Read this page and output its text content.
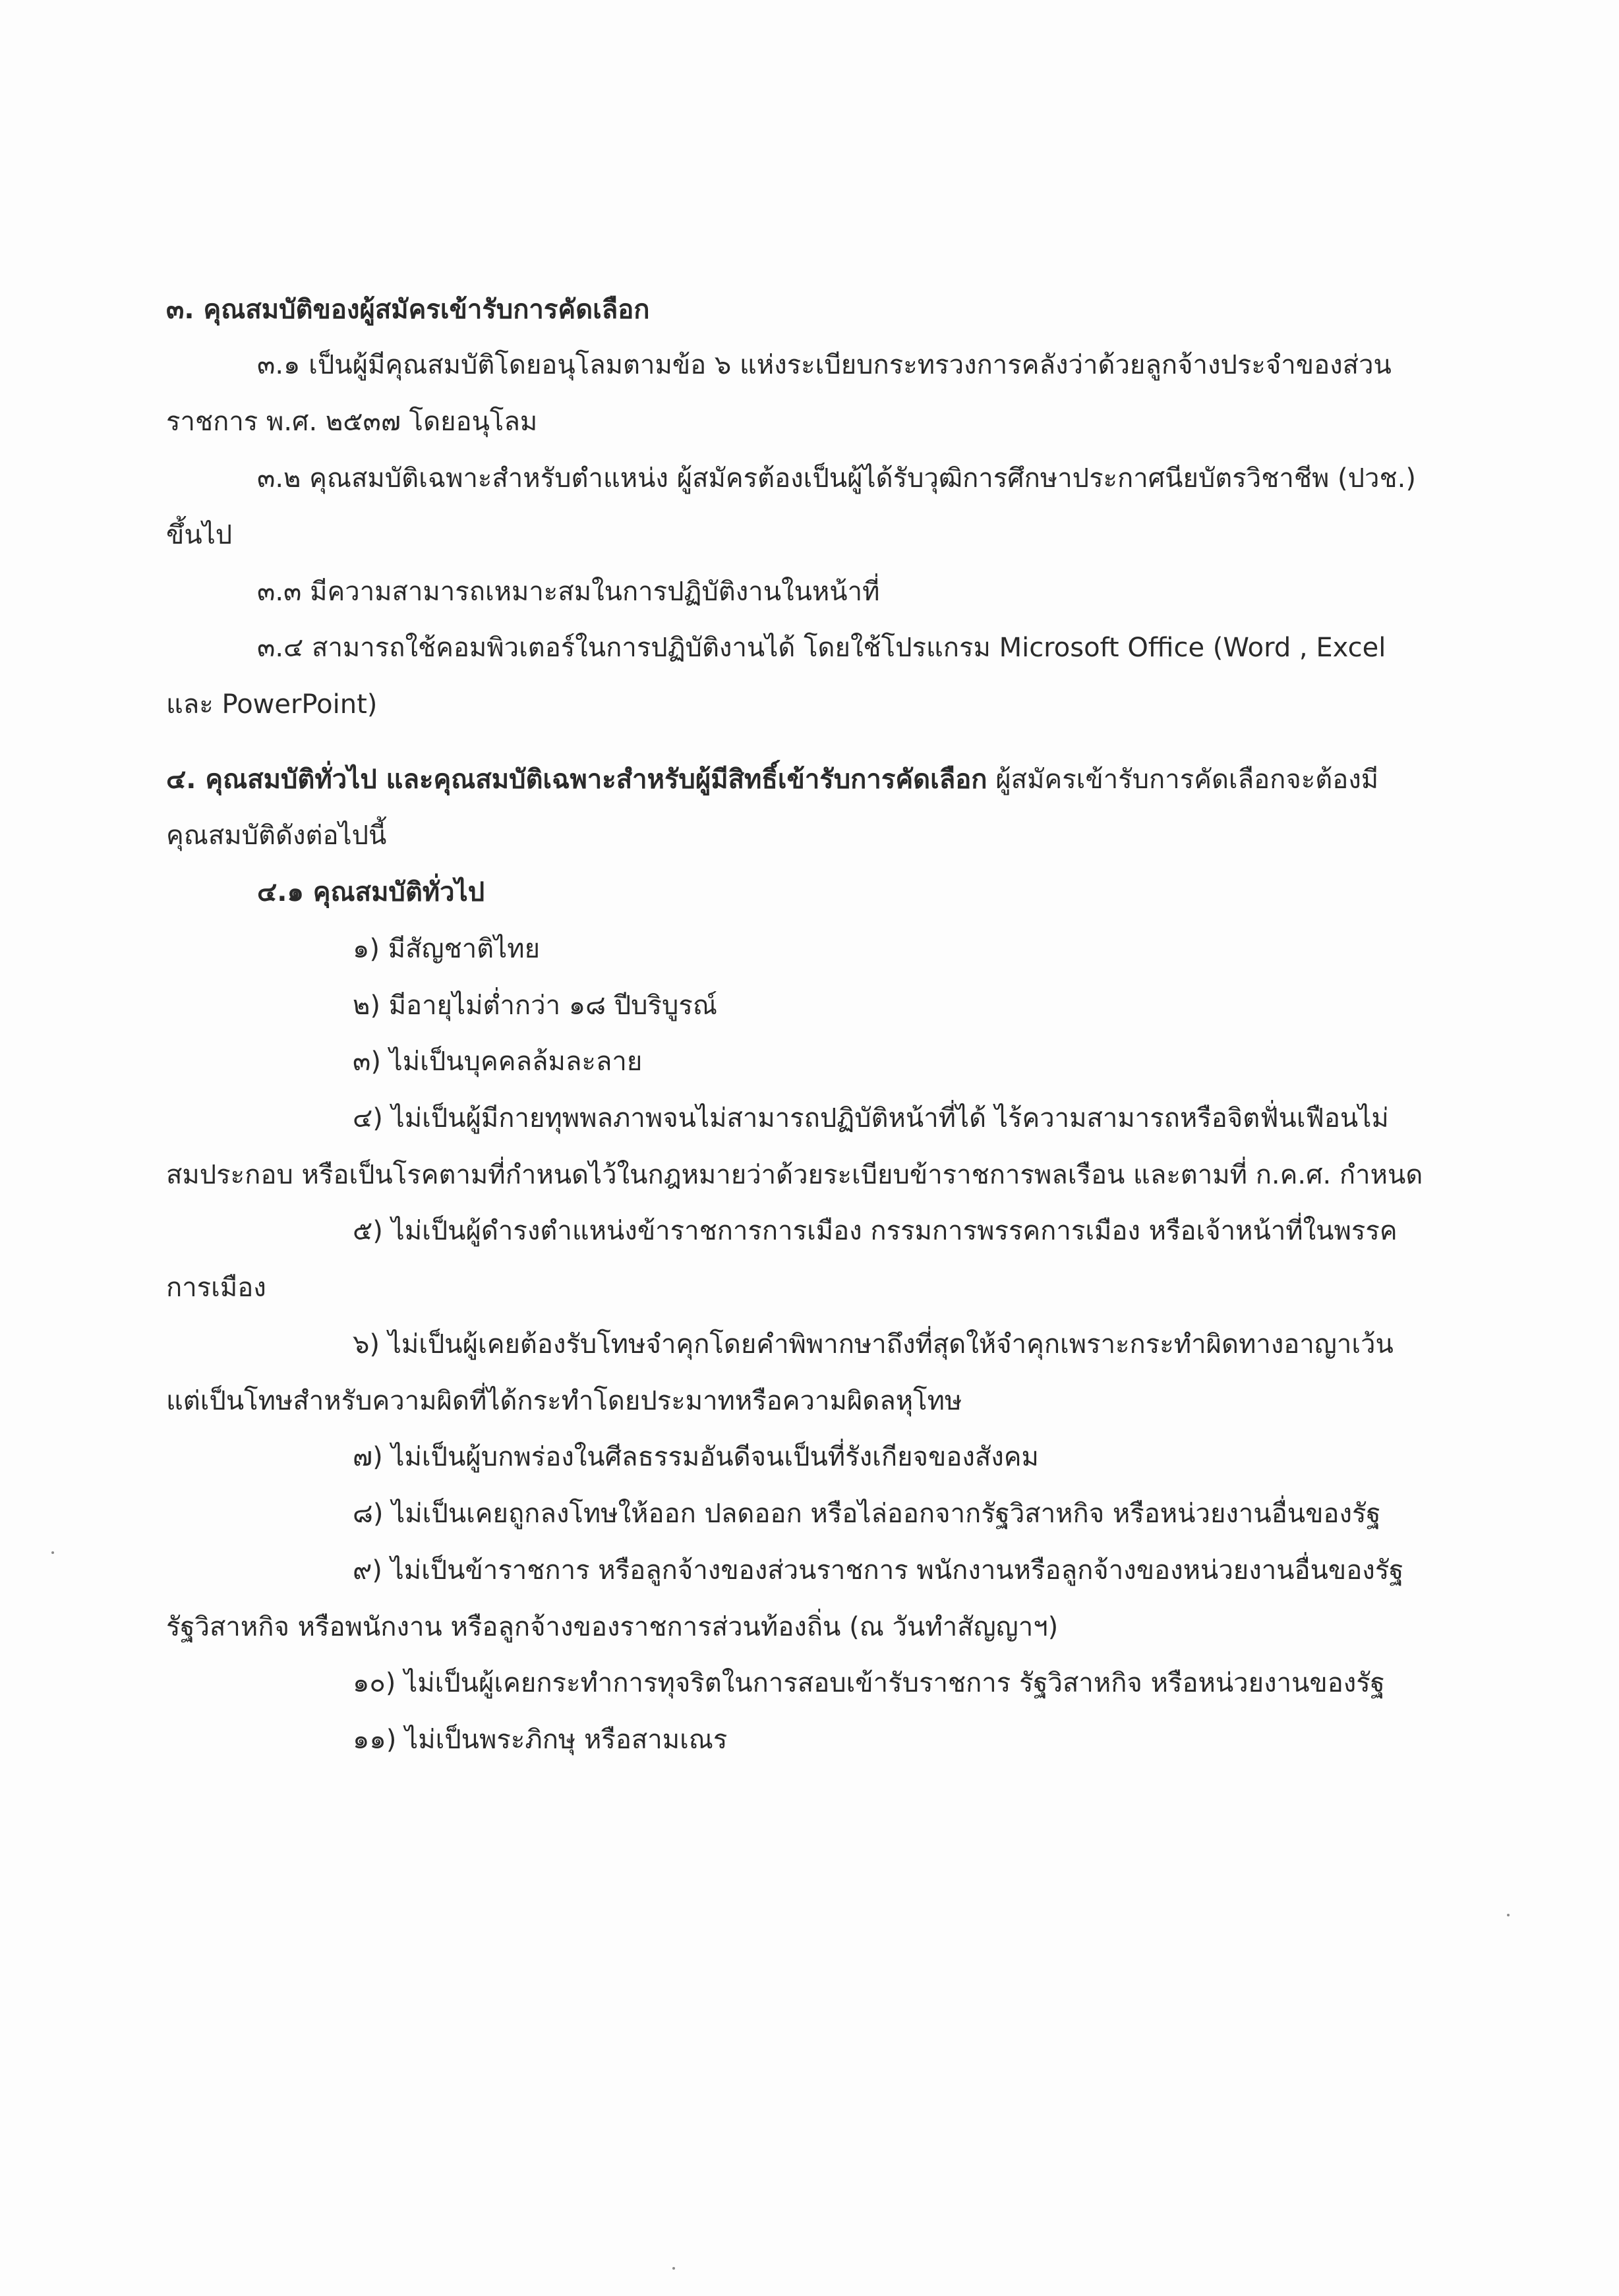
๓. คุณสมบัติของผู้สมัครเข้ารับการคัดเลือก
๓.๑ เป็นผู้มีคุณสมบัติโดยอนุโลมตามข้อ ๖ แห่งระเบียบกระทรวงการคลังว่าด้วยลูกจ้างประจำของส่วน
ราชการ พ.ศ. ๒๕๓๗ โดยอนุโลม
๓.๒ คุณสมบัติเฉพาะสำหรับตำแหน่ง ผู้สมัครต้องเป็นผู้ได้รับวุฒิการศึกษาประกาศนียบัตรวิชาชีพ (ปวช.)
ขึ้นไป
๓.๓ มีความสามารถเหมาะสมในการปฏิบัติงานในหน้าที่
๓.๔ สามารถใช้คอมพิวเตอร์ในการปฏิบัติงานได้ โดยใช้โปรแกรม Microsoft Office (Word , Excel
และ PowerPoint)
๔. คุณสมบัติทั่วไป และคุณสมบัติเฉพาะสำหรับผู้มีสิทธิ์เข้ารับการคัดเลือก ผู้สมัครเข้ารับการคัดเลือกจะต้องมี
คุณสมบัติดังต่อไปนี้
๔.๑ คุณสมบัติทั่วไป
๑) มีสัญชาติไทย
๒) มีอายุไม่ต่ำกว่า ๑๘ ปีบริบูรณ์
๓) ไม่เป็นบุคคลล้มละลาย
๔) ไม่เป็นผู้มีกายทุพพลภาพจนไม่สามารถปฏิบัติหน้าที่ได้ ไร้ความสามารถหรือจิตฟั่นเฟือนไม่
สมประกอบ หรือเป็นโรคตามที่กำหนดไว้ในกฎหมายว่าด้วยระเบียบข้าราชการพลเรือน และตามที่ ก.ค.ศ. กำหนด
๕) ไม่เป็นผู้ดำรงตำแหน่งข้าราชการการเมือง กรรมการพรรคการเมือง หรือเจ้าหน้าที่ในพรรค
การเมือง
๖) ไม่เป็นผู้เคยต้องรับโทษจำคุกโดยคำพิพากษาถึงที่สุดให้จำคุกเพราะกระทำผิดทางอาญาเว้น
แต่เป็นโทษสำหรับความผิดที่ได้กระทำโดยประมาทหรือความผิดลหุโทษ
๗) ไม่เป็นผู้บกพร่องในศีลธรรมอันดีจนเป็นที่รังเกียจของสังคม
๘) ไม่เป็นเคยถูกลงโทษให้ออก ปลดออก หรือไล่ออกจากรัฐวิสาหกิจ หรือหน่วยงานอื่นของรัฐ
๙) ไม่เป็นข้าราชการ หรือลูกจ้างของส่วนราชการ พนักงานหรือลูกจ้างของหน่วยงานอื่นของรัฐ
รัฐวิสาหกิจ หรือพนักงาน หรือลูกจ้างของราชการส่วนท้องถิ่น (ณ วันทำสัญญาฯ)
๑๐) ไม่เป็นผู้เคยกระทำการทุจริตในการสอบเข้ารับราชการ รัฐวิสาหกิจ หรือหน่วยงานของรัฐ
๑๑) ไม่เป็นพระภิกษุ หรือสามเณร
